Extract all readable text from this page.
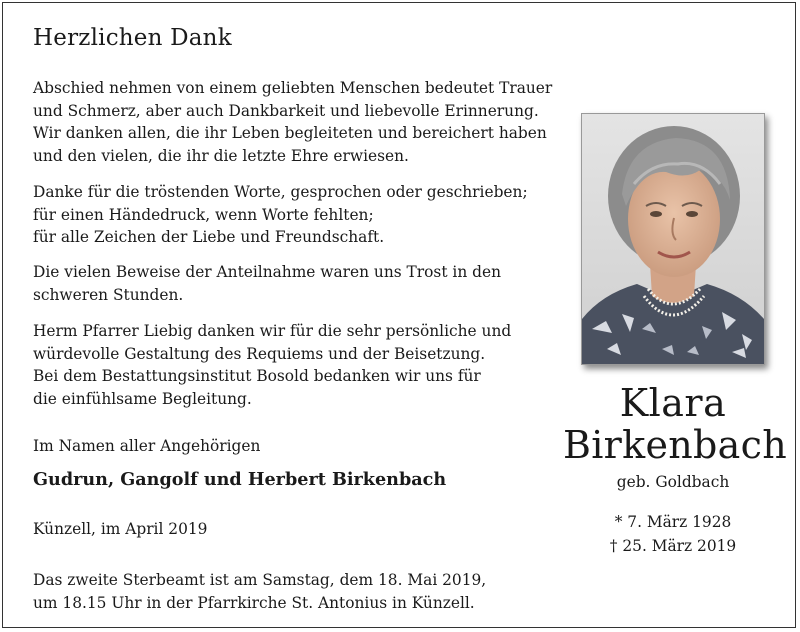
Herzlichen Dank
Abschied nehmen von einem geliebten Menschen bedeutet Trauer
und Schmerz, aber auch Dankbarkeit und liebevolle Erinnerung.
Wir danken allen, die ihr Leben begleiteten und bereichert haben
und den vielen, die ihr die letzte Ehre erwiesen.
Danke für die tröstenden Worte, gesprochen oder geschrieben;
für einen Händedruck, wenn Worte fehlten;
für alle Zeichen der Liebe und Freundschaft.
Die vielen Beweise der Anteilnahme waren uns Trost in den
schweren Stunden.
Herm Pfarrer Liebig danken wir für die sehr persönliche und
würdevolle Gestaltung des Requiems und der Beisetzung.
Bei dem Bestattungsinstitut Bosold bedanken wir uns für
die einfühlsame Begleitung.
Im Namen aller Angehörigen
Gudrun, Gangolf und Herbert Birkenbach
Künzell, im April 2019
Das zweite Sterbeamt ist am Samstag, dem 18. Mai 2019,
um 18.15 Uhr in der Pfarrkirche St. Antonius in Künzell.
Klara
Birkenbach
geb. Goldbach
* 7. März 1928
† 25. März 2019
